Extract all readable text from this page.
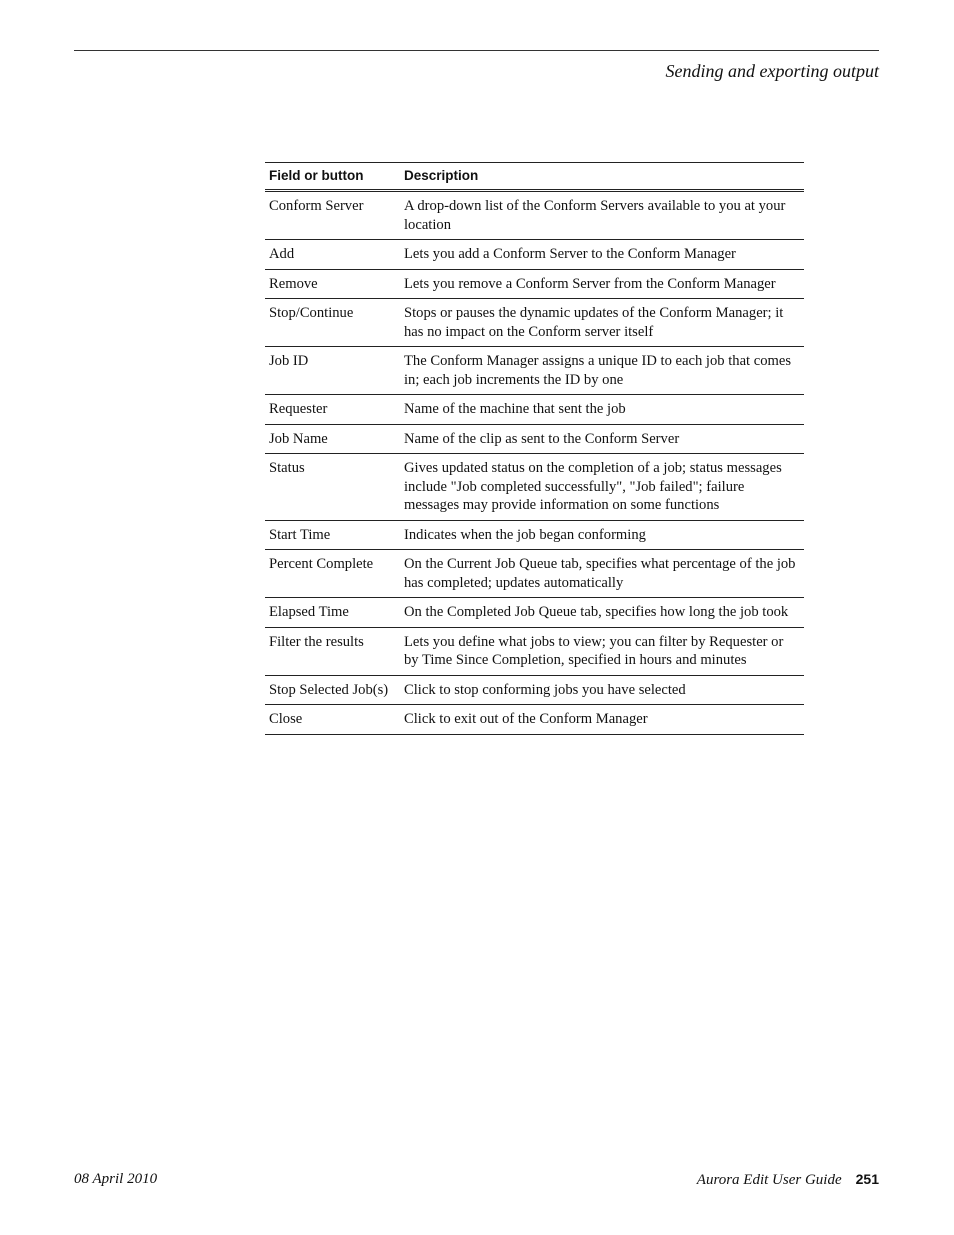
Sending and exporting output
Field or button	Description
Conform Server	A drop-down list of the Conform Servers available to you at your location
Add	Lets you add a Conform Server to the Conform Manager
Remove	Lets you remove a Conform Server from the Conform Manager
Stop/Continue	Stops or pauses the dynamic updates of the Conform Manager; it has no impact on the Conform server itself
Job ID	The Conform Manager assigns a unique ID to each job that comes in; each job increments the ID by one
Requester	Name of the machine that sent the job
Job Name	Name of the clip as sent to the Conform Server
Status	Gives updated status on the completion of a job; status messages include "Job completed successfully", "Job failed"; failure messages may provide information on some functions
Start Time	Indicates when the job began conforming
Percent Complete	On the Current Job Queue tab, specifies what percentage of the job has completed; updates automatically
Elapsed Time	On the Completed Job Queue tab, specifies how long the job took
Filter the results	Lets you define what jobs to view; you can filter by Requester or by Time Since Completion, specified in hours and minutes
Stop Selected Job(s)	Click to stop conforming jobs you have selected
Close	Click to exit out of the Conform Manager
08 April 2010	Aurora Edit User Guide 251
